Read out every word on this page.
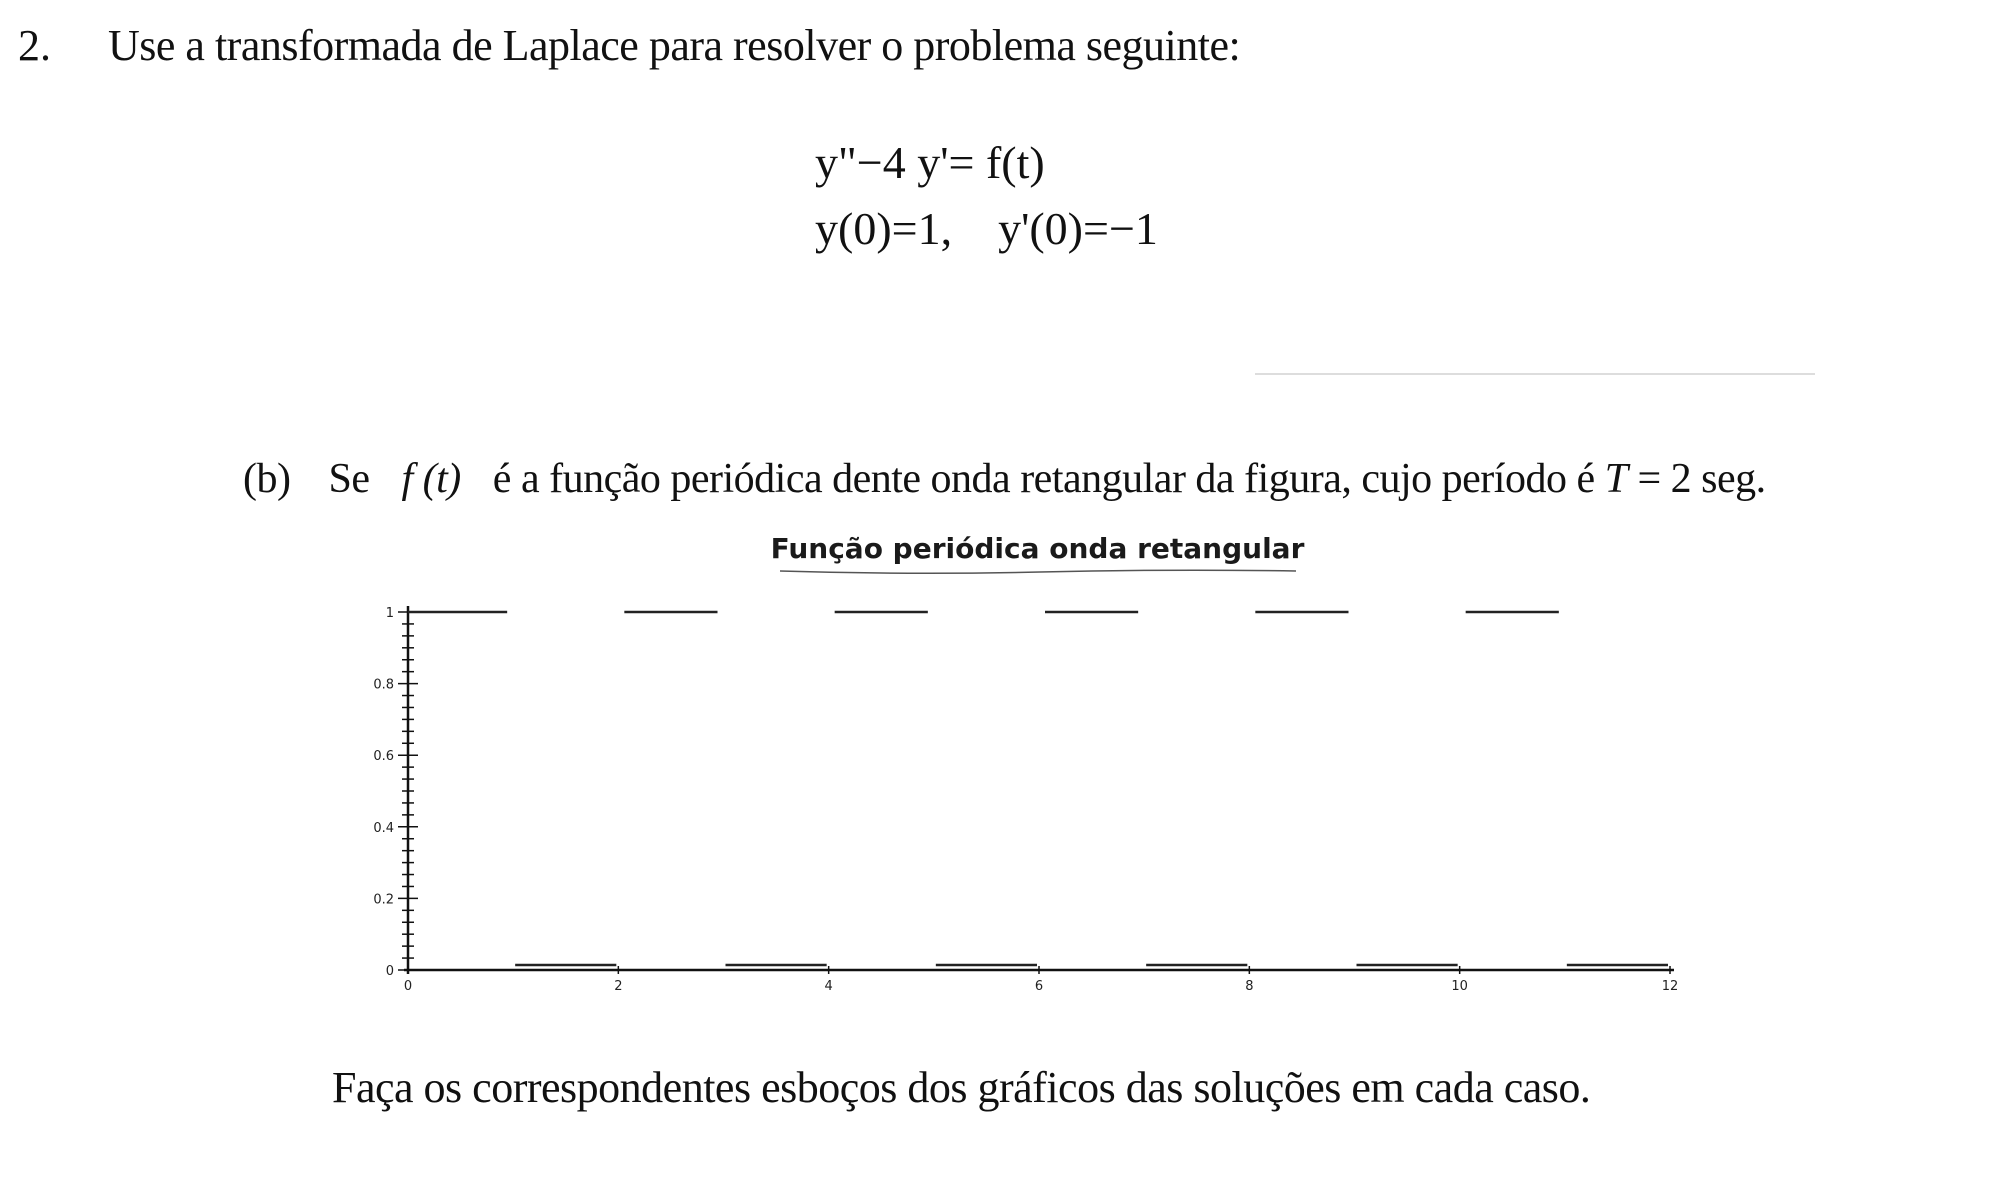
2. Use a transformada de Laplace para resolver o problema seguinte:
y"−4 y'= f(t)
y(0)=1,    y'(0)=−1
(b) Se f (t) é a função periódica dente onda retangular da figura, cujo período é T = 2 seg.
Função periódica onda retangular
0
0.2
0.4
0.6
0.8
1
0	2	4	6	8	10	12
Faça os correspondentes esboços dos gráficos das soluções em cada caso.
